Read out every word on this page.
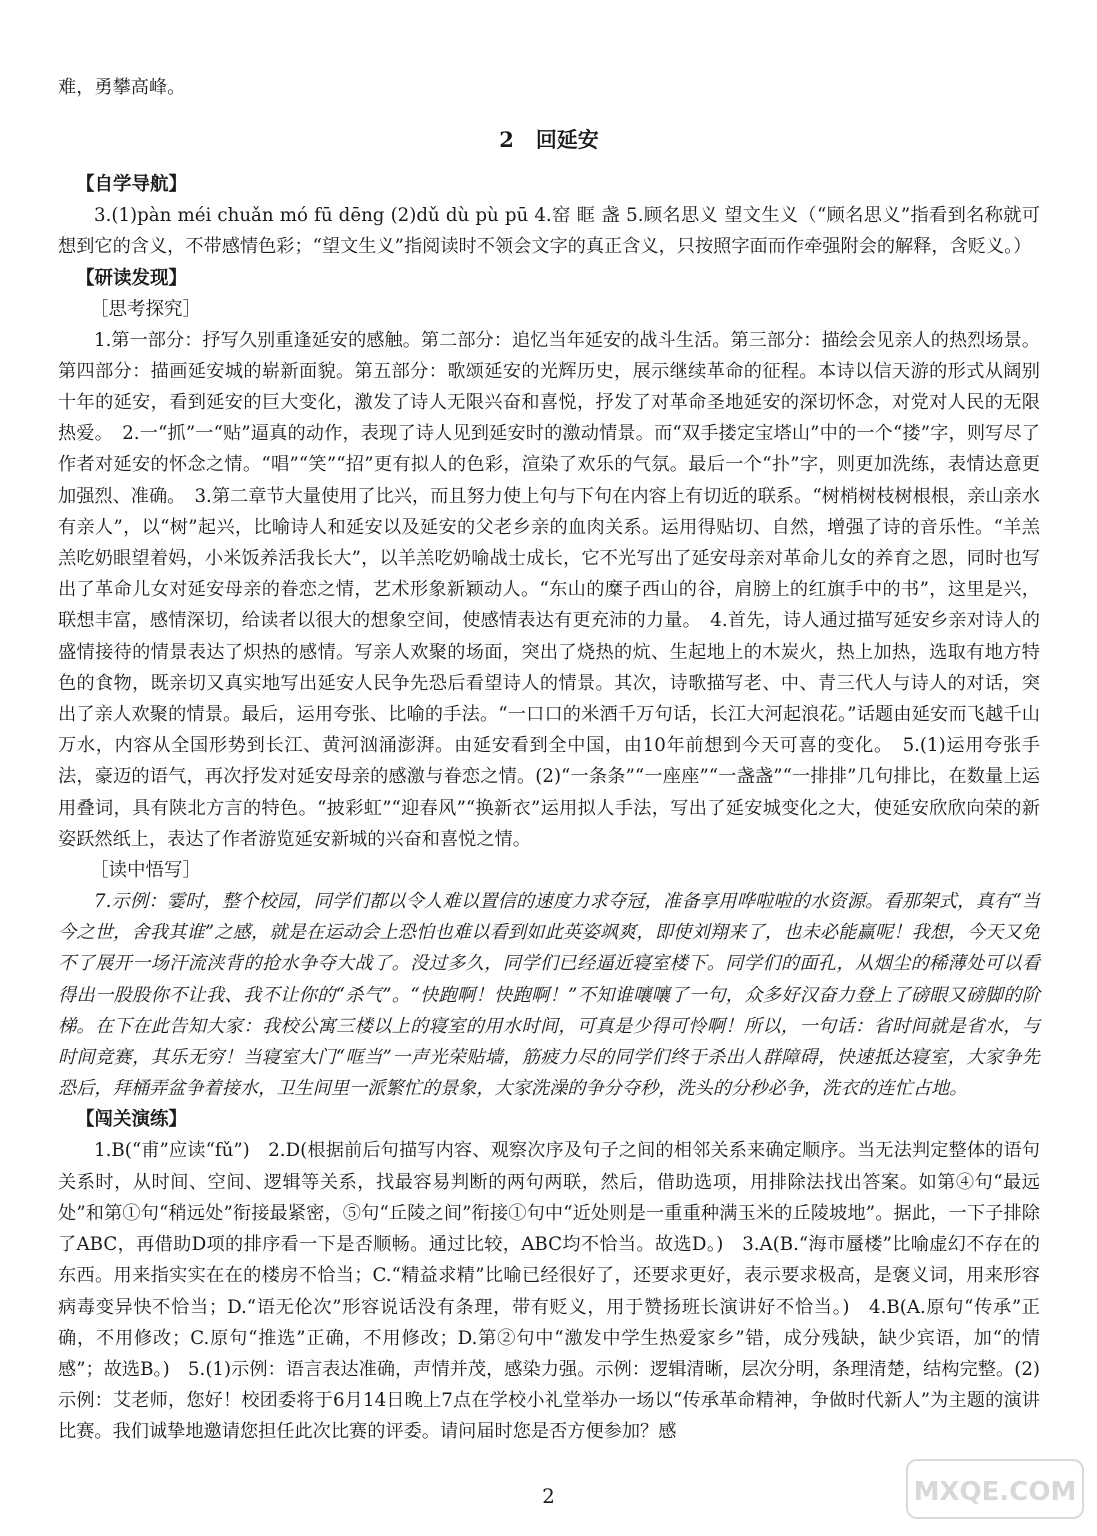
难，勇攀高峰。

2 回延安
【自学导航】

3.(1)pàn méi chuǎn mó fū dēng (2)dǔ dù pù pū 4.窑 眶 盏 5.顾名思义 望文生义（“顾名思义”指看到名称就可想到它的含义，不带感情色彩；“望文生义”指阅读时不领会文字的真正含义，只按照字面而作牵强附会的解释，含贬义。）

【研读发现】
［思考探究］

1.第一部分：抒写久别重逢延安的感触。第二部分：追忆当年延安的战斗生活。第三部分：描绘会见亲人的热烈场景。第四部分：描画延安城的崭新面貌。第五部分：歌颂延安的光辉历史，展示继续革命的征程。本诗以信天游的形式从阔别十年的延安，看到延安的巨大变化，激发了诗人无限兴奋和喜悦，抒发了对革命圣地延安的深切怀念，对党对人民的无限热爱。　2.一“抓”一“贴”逼真的动作，表现了诗人见到延安时的激动情景。而“双手搂定宝塔山”中的一个“搂”字，则写尽了作者对延安的怀念之情。“唱”“笑”“招”更有拟人的色彩，渲染了欢乐的气氛。最后一个“扑”字，则更加洗练，表情达意更加强烈、准确。　3.第二章节大量使用了比兴，而且努力使上句与下句在内容上有切近的联系。“树梢树枝树根根，亲山亲水有亲人”，以“树”起兴，比喻诗人和延安以及延安的父老乡亲的血肉关系。运用得贴切、自然，增强了诗的音乐性。“羊羔羔吃奶眼望着妈，小米饭养活我长大”，以羊羔吃奶喻战士成长，它不光写出了延安母亲对革命儿女的养育之恩，同时也写出了革命儿女对延安母亲的眷恋之情，艺术形象新颖动人。“东山的糜子西山的谷，肩膀上的红旗手中的书”，这里是兴，联想丰富，感情深切，给读者以很大的想象空间，使感情表达有更充沛的力量。　4.首先，诗人通过描写延安乡亲对诗人的盛情接待的情景表达了炽热的感情。写亲人欢聚的场面，突出了烧热的炕、生起地上的木炭火，热上加热，选取有地方特色的食物，既亲切又真实地写出延安人民争先恐后看望诗人的情景。其次，诗歌描写老、中、青三代人与诗人的对话，突出了亲人欢聚的情景。最后，运用夸张、比喻的手法。“一口口的米酒千万句话，长江大河起浪花。”话题由延安而飞越千山万水，内容从全国形势到长江、黄河汹涌澎湃。由延安看到全中国，由10年前想到今天可喜的变化。　5.(1)运用夸张手法，豪迈的语气，再次抒发对延安母亲的感激与眷恋之情。(2)“一条条”“一座座”“一盏盏”“一排排”几句排比，在数量上运用叠词，具有陕北方言的特色。“披彩虹”“迎春风”“换新衣”运用拟人手法，写出了延安城变化之大，使延安欣欣向荣的新姿跃然纸上，表达了作者游览延安新城的兴奋和喜悦之情。

［读中悟写］

7.示例：霎时，整个校园，同学们都以令人难以置信的速度力求夺冠，准备享用哗啦啦的水资源。看那架式，真有“当今之世，舍我其谁”之感，就是在运动会上恐怕也难以看到如此英姿飒爽，即使刘翔来了，也未必能赢呢！我想，今天又免不了展开一场汗流浃背的抢水争夺大战了。没过多久，同学们已经逼近寝室楼下。同学们的面孔，从烟尘的稀薄处可以看得出一股股你不让我、我不让你的“杀气”。“快跑啊！快跑啊！”不知谁嚷嚷了一句，众多好汉奋力登上了磅眼又磅脚的阶梯。在下在此告知大家：我校公寓三楼以上的寝室的用水时间，可真是少得可怜啊！所以，一句话：省时间就是省水，与时间竞赛，其乐无穷！当寝室大门“哐当”一声光荣贴墙，筋疲力尽的同学们终于杀出人群障碍，快速抵达寝室，大家争先恐后，拜桶弄盆争着接水，卫生间里一派繁忙的景象，大家洗澡的争分夺秒，洗头的分秒必争，洗衣的连忙占地。

【闯关演练】

1.B(“甫”应读“fǔ”)　2.D(根据前后句描写内容、观察次序及句子之间的相邻关系来确定顺序。当无法判定整体的语句关系时，从时间、空间、逻辑等关系，找最容易判断的两句两联，然后，借助选项，用排除法找出答案。如第④句“最远处”和第①句“稍远处”衔接最紧密，⑤句“丘陵之间”衔接①句中“近处则是一重重种满玉米的丘陵坡地”。据此，一下子排除了ABC，再借助D项的排序看一下是否顺畅。通过比较，ABC均不恰当。故选D。)　3.A(B.“海市蜃楼”比喻虚幻不存在的东西。用来指实实在在的楼房不恰当；C.“精益求精”比喻已经很好了，还要求更好，表示要求极高，是褒义词，用来形容病毒变异快不恰当；D.“语无伦次”形容说话没有条理，带有贬义，用于赞扬班长演讲好不恰当。)　4.B(A.原句“传承”正确，不用修改；C.原句“推选”正确，不用修改；D.第②句中“激发中学生热爱家乡”错，成分残缺，缺少宾语，加“的情感”；故选B。)　5.(1)示例：语言表达准确，声情并茂，感染力强。示例：逻辑清晰，层次分明，条理清楚，结构完整。(2)示例：艾老师，您好！校团委将于6月14日晚上7点在学校小礼堂举办一场以“传承革命精神，争做时代新人”为主题的演讲比赛。我们诚挚地邀请您担任此次比赛的评委。请问届时您是否方便参加？感

2	MXQE.COM
